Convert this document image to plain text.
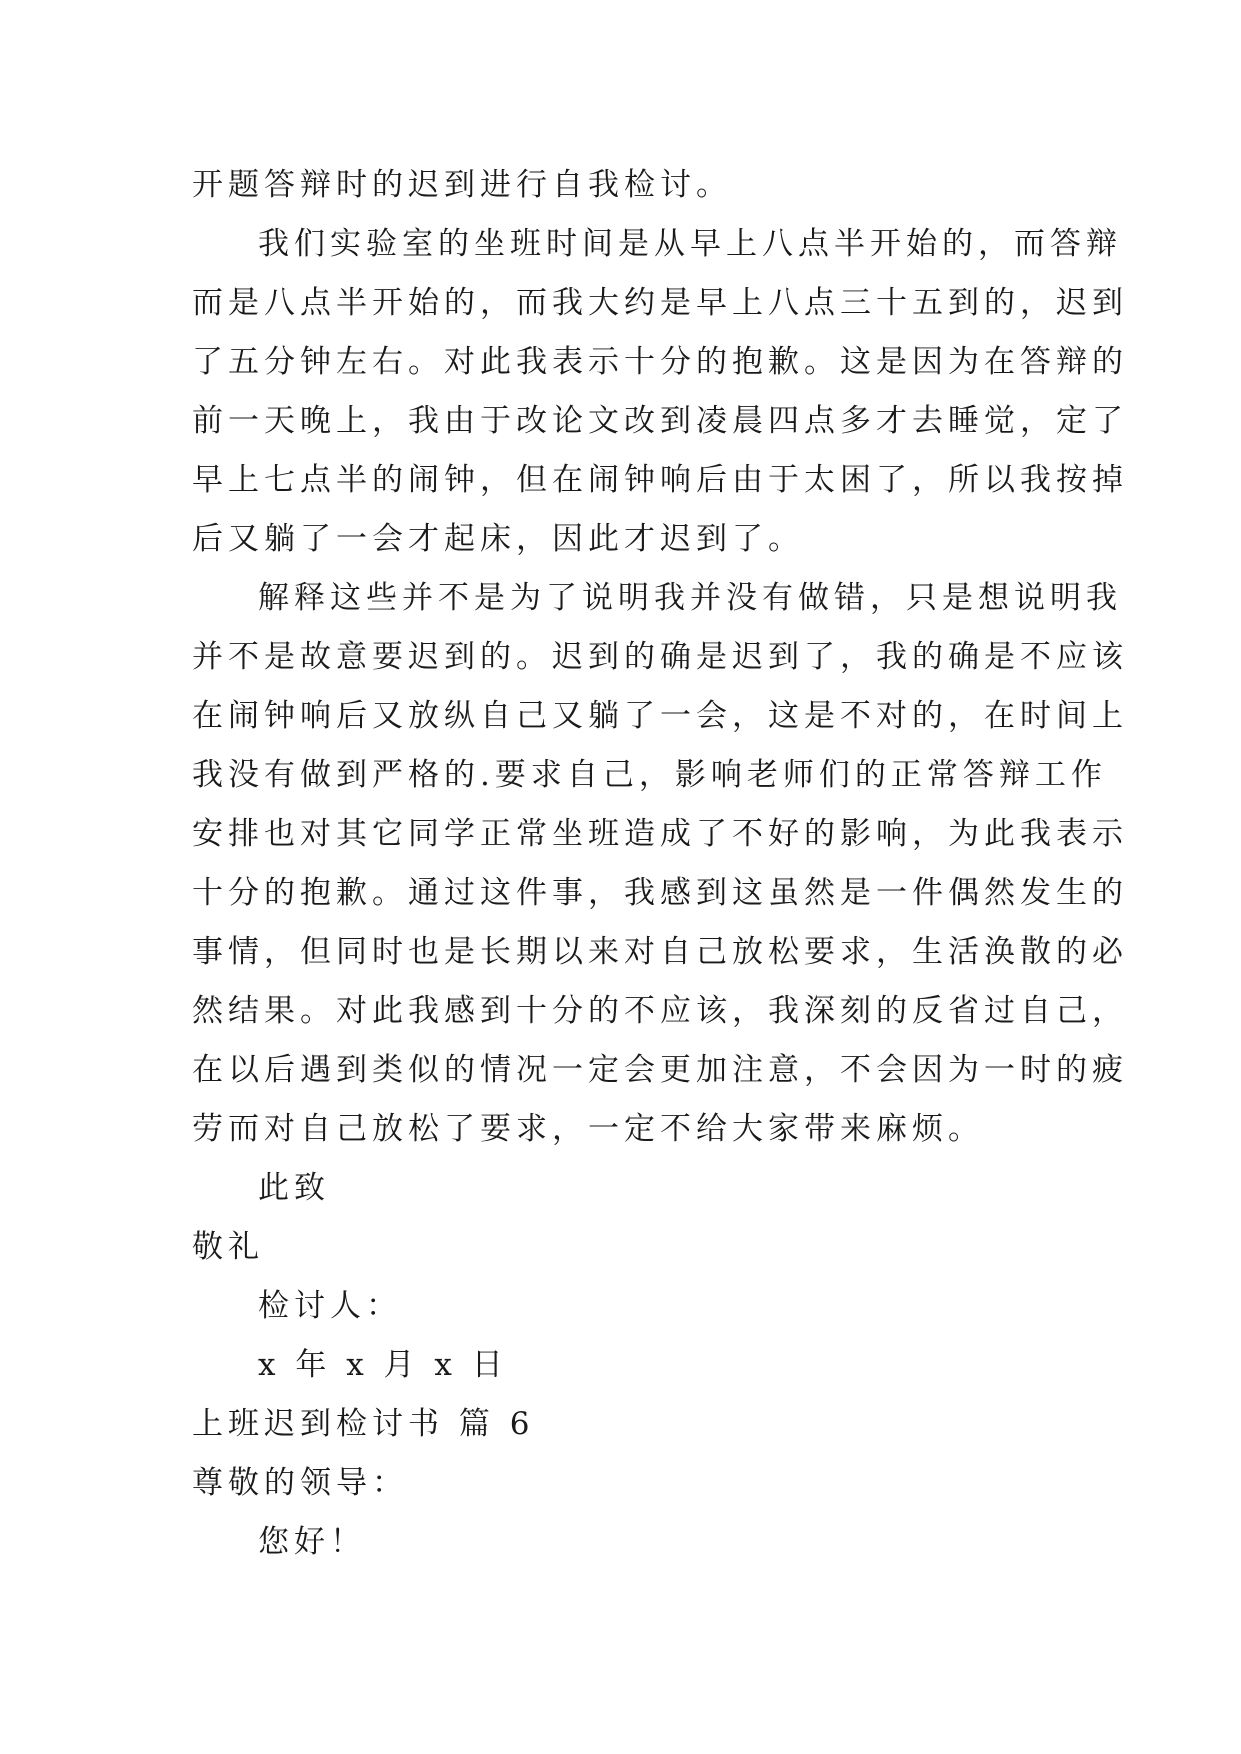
开题答辩时的迟到进行自我检讨。
我们实验室的坐班时间是从早上八点半开始的，而答辩
而是八点半开始的，而我大约是早上八点三十五到的，迟到
了五分钟左右。对此我表示十分的抱歉。这是因为在答辩的
前一天晚上，我由于改论文改到凌晨四点多才去睡觉，定了
早上七点半的闹钟，但在闹钟响后由于太困了，所以我按掉
后又躺了一会才起床，因此才迟到了。
解释这些并不是为了说明我并没有做错，只是想说明我
并不是故意要迟到的。迟到的确是迟到了，我的确是不应该
在闹钟响后又放纵自己又躺了一会，这是不对的，在时间上
我没有做到严格的.要求自己，影响老师们的正常答辩工作
安排也对其它同学正常坐班造成了不好的影响，为此我表示
十分的抱歉。通过这件事，我感到这虽然是一件偶然发生的
事情，但同时也是长期以来对自己放松要求，生活涣散的必
然结果。对此我感到十分的不应该，我深刻的反省过自己，
在以后遇到类似的情况一定会更加注意，不会因为一时的疲
劳而对自己放松了要求，一定不给大家带来麻烦。
此致
敬礼
检讨人：
x 年 x 月 x 日
上班迟到检讨书 篇 6
尊敬的领导：
您好！
